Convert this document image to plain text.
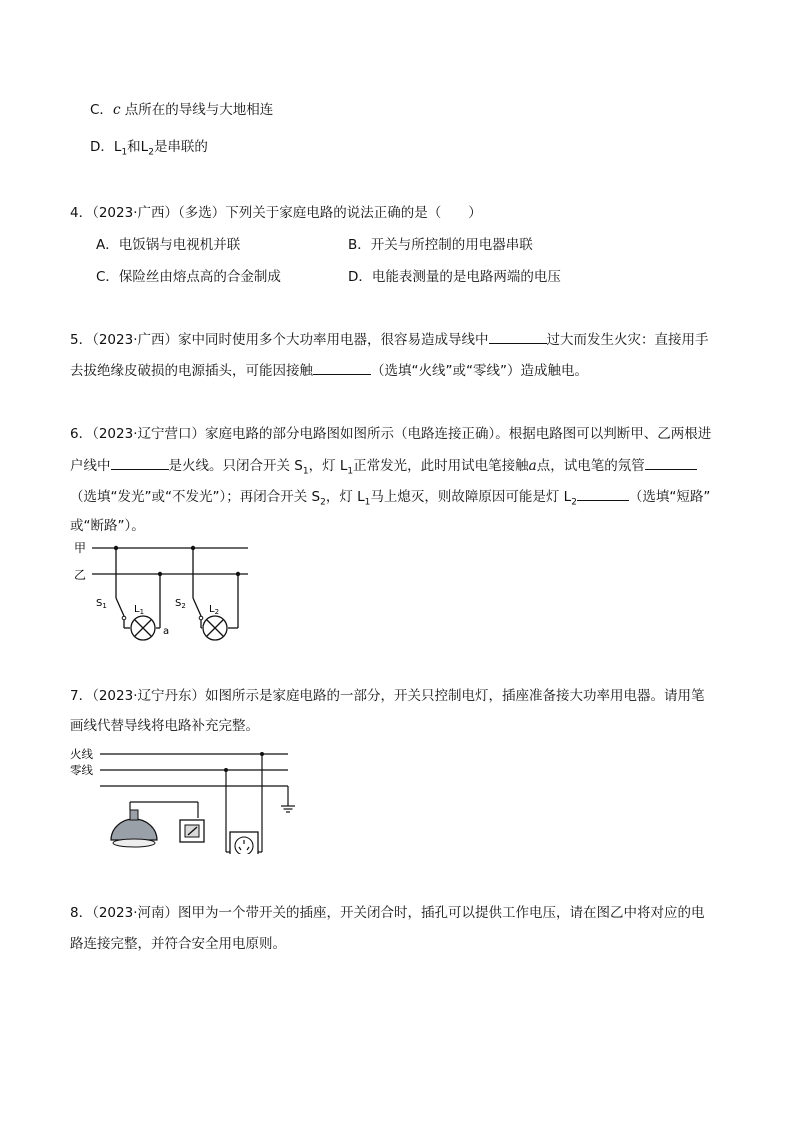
C．c 点所在的导线与大地相连
D．$L_1$和$L_2$是串联的
4．（2023·广西）（多选）下列关于家庭电路的说法正确的是（　　）
A．电饭锅与电视机并联	B．开关与所控制的用电器串联
C．保险丝由熔点高的合金制成	D．电能表测量的是电路两端的电压
5．（2023·广西）家中同时使用多个大功率用电器，很容易造成导线中	过大而发生火灾：直接用手
去拔绝缘皮破损的电源插头，可能因接触	（选填“火线”或“零线”）造成触电。
6．（2023·辽宁营口）家庭电路的部分电路图如图所示（电路连接正确）。根据电路图可以判断甲、乙两根进
户线中	是火线。只闭合开关 $S_1$，灯 $L_1$正常发光，此时用试电笔接触a点，试电笔的氖管
（选填“发光”或“不发光”）；再闭合开关 $S_2$，灯 $L_1$马上熄灭，则故障原因可能是灯 $L_2$	（选填“短路”
或“断路”）。
甲
乙
$S_1$	$L_1$
$S_2$ $L_2$
a
7．（2023·辽宁丹东）如图所示是家庭电路的一部分，开关只控制电灯，插座准备接大功率用电器。请用笔
画线代替导线将电路补充完整。
火线
零线
8．（2023·河南）图甲为一个带开关的插座，开关闭合时，插孔可以提供工作电压，请在图乙中将对应的电
路连接完整，并符合安全用电原则。
